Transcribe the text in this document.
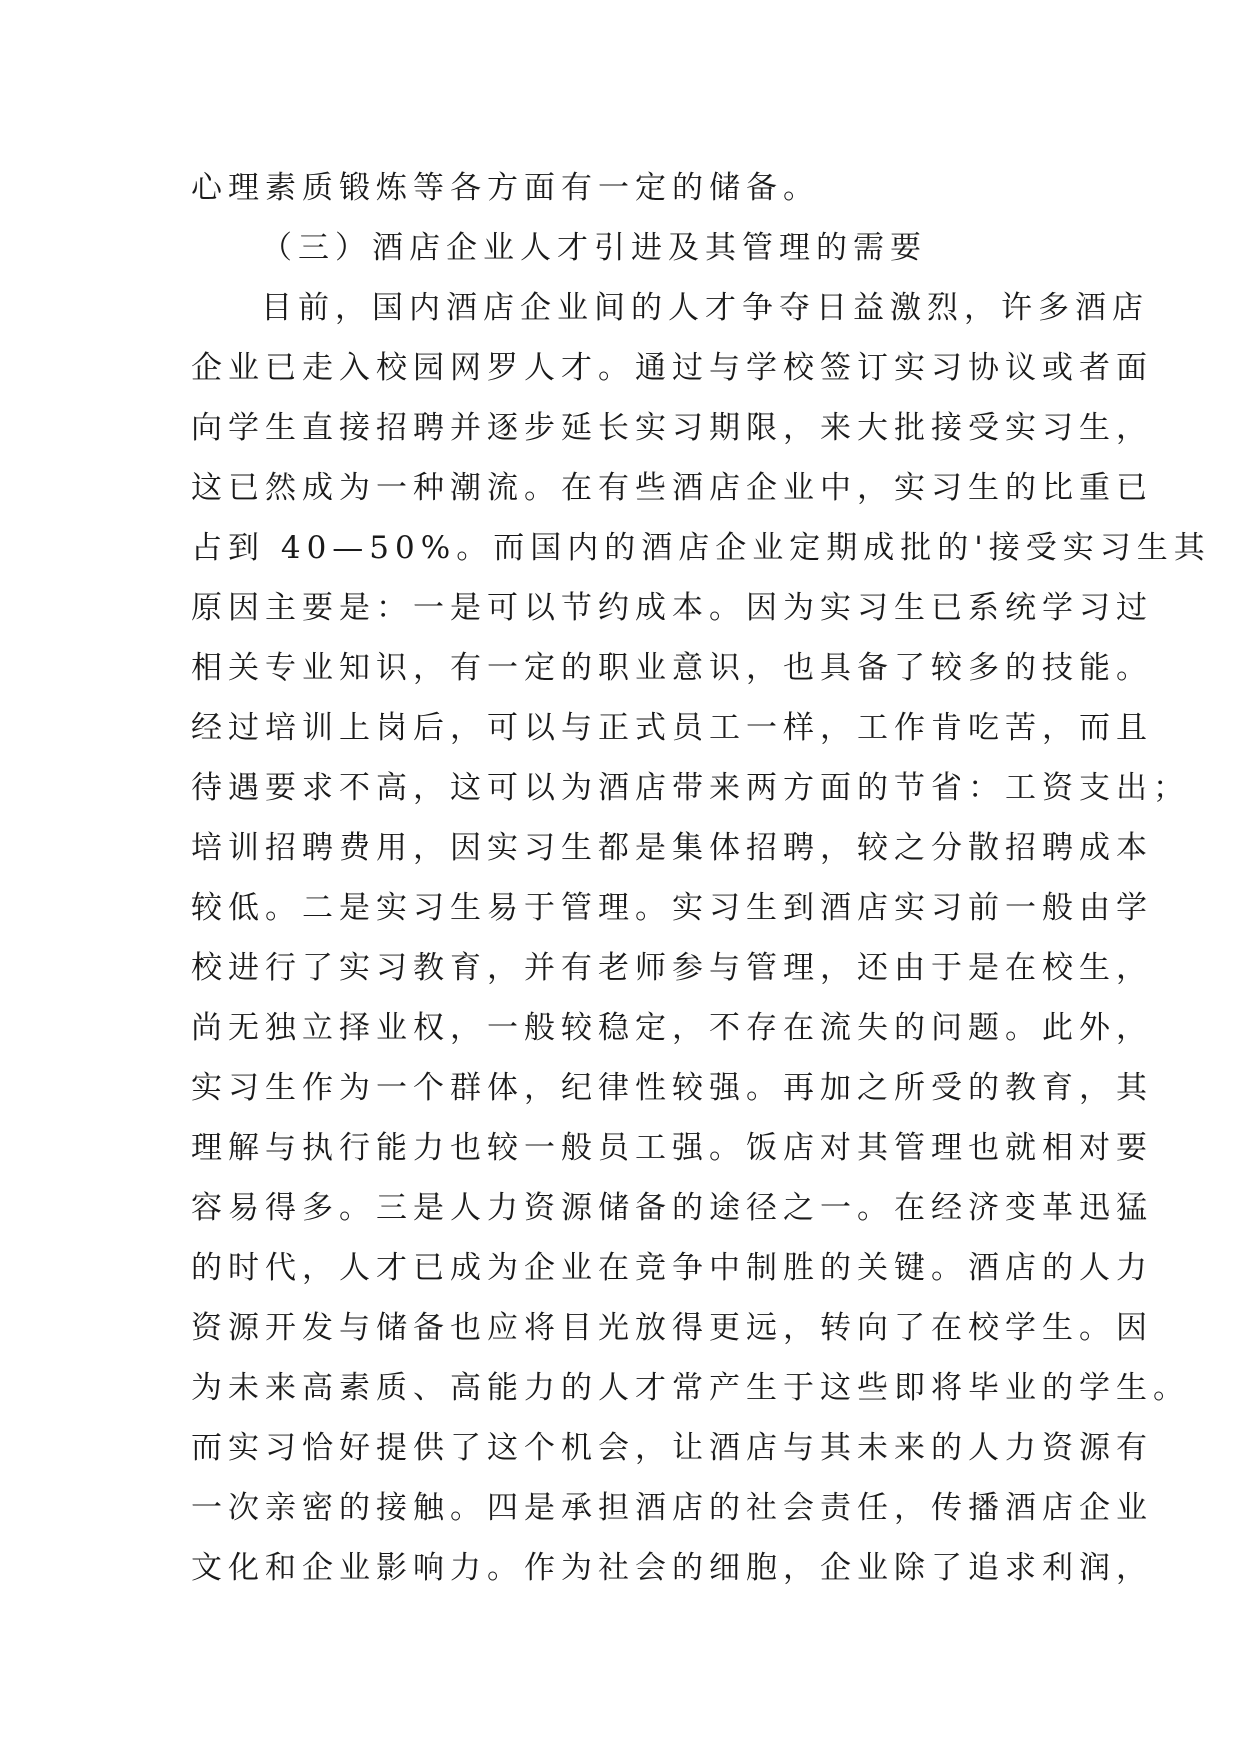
心理素质锻炼等各方面有一定的储备。
（三）酒店企业人才引进及其管理的需要
目前，国内酒店企业间的人才争夺日益激烈，许多酒店
企业已走入校园网罗人才。通过与学校签订实习协议或者面
向学生直接招聘并逐步延长实习期限，来大批接受实习生，
这已然成为一种潮流。在有些酒店企业中，实习生的比重已
占到 40—50%。而国内的酒店企业定期成批的'接受实习生其
原因主要是：一是可以节约成本。因为实习生已系统学习过
相关专业知识，有一定的职业意识，也具备了较多的技能。
经过培训上岗后，可以与正式员工一样，工作肯吃苦，而且
待遇要求不高，这可以为酒店带来两方面的节省：工资支出；
培训招聘费用，因实习生都是集体招聘，较之分散招聘成本
较低。二是实习生易于管理。实习生到酒店实习前一般由学
校进行了实习教育，并有老师参与管理，还由于是在校生，
尚无独立择业权，一般较稳定，不存在流失的问题。此外，
实习生作为一个群体，纪律性较强。再加之所受的教育，其
理解与执行能力也较一般员工强。饭店对其管理也就相对要
容易得多。三是人力资源储备的途径之一。在经济变革迅猛
的时代，人才已成为企业在竞争中制胜的关键。酒店的人力
资源开发与储备也应将目光放得更远，转向了在校学生。因
为未来高素质、高能力的人才常产生于这些即将毕业的学生。
而实习恰好提供了这个机会，让酒店与其未来的人力资源有
一次亲密的接触。四是承担酒店的社会责任，传播酒店企业
文化和企业影响力。作为社会的细胞，企业除了追求利润，
